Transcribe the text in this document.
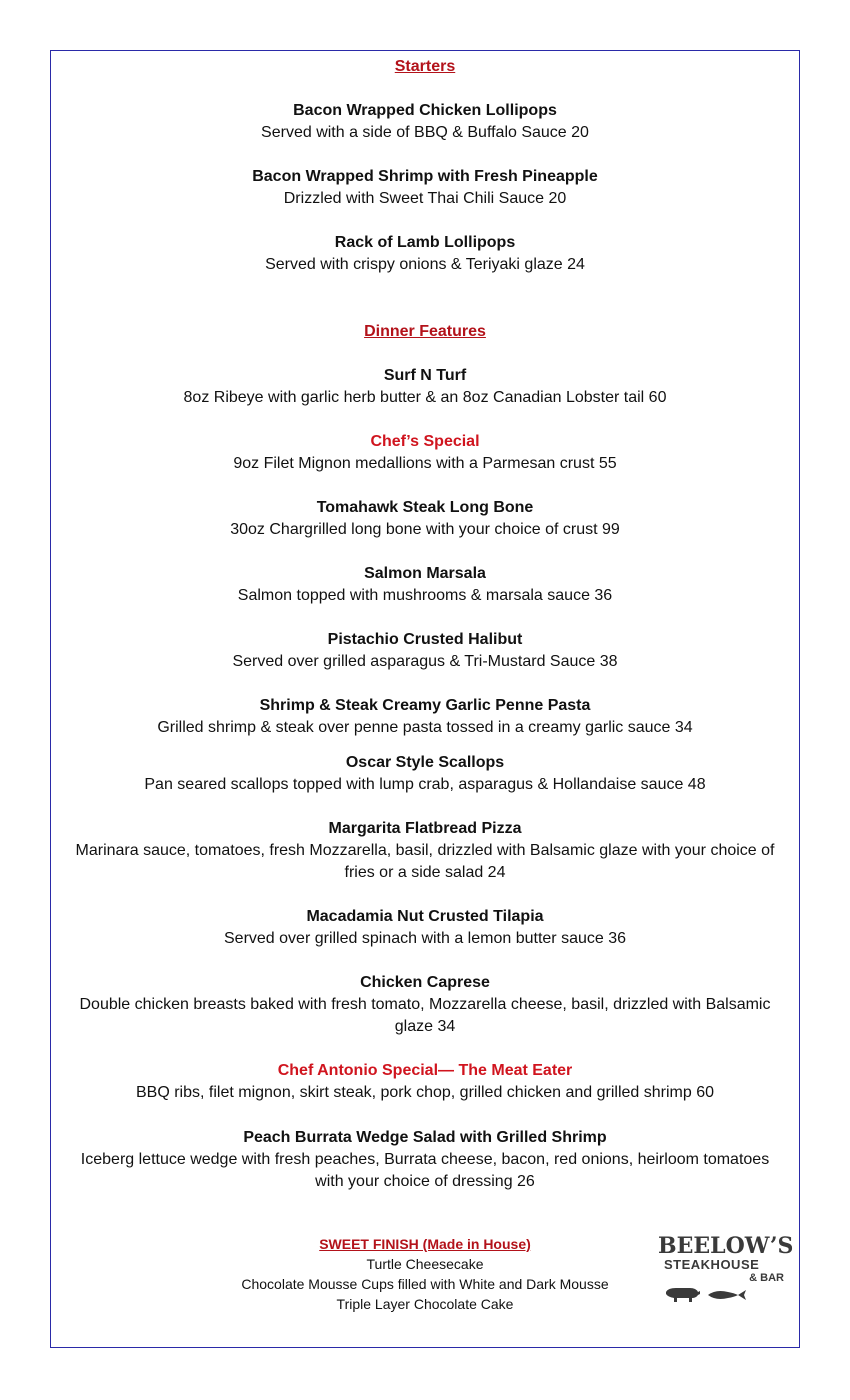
Starters
Bacon Wrapped Chicken Lollipops
Served with a side of BBQ & Buffalo Sauce 20
Bacon Wrapped Shrimp with Fresh Pineapple
Drizzled with Sweet Thai Chili Sauce 20
Rack of Lamb Lollipops
Served with crispy onions & Teriyaki glaze 24
Dinner Features
Surf N Turf
8oz Ribeye with garlic herb butter & an 8oz Canadian Lobster tail 60
Chef’s Special
9oz Filet Mignon medallions with a Parmesan crust 55
Tomahawk Steak Long Bone
30oz Chargrilled long bone with your choice of crust 99
Salmon Marsala
Salmon topped with mushrooms & marsala sauce 36
Pistachio Crusted Halibut
Served over grilled asparagus & Tri-Mustard Sauce 38
Shrimp & Steak Creamy Garlic Penne Pasta
Grilled shrimp & steak over penne pasta tossed in a creamy garlic sauce 34
Oscar Style Scallops
Pan seared scallops topped with lump crab, asparagus & Hollandaise sauce 48
Margarita Flatbread Pizza
Marinara sauce, tomatoes, fresh Mozzarella, basil, drizzled with Balsamic glaze with your choice of
fries or a side salad 24
Macadamia Nut Crusted Tilapia
Served over grilled spinach with a lemon butter sauce 36
Chicken Caprese
Double chicken breasts baked with fresh tomato, Mozzarella cheese, basil, drizzled with Balsamic
glaze 34
Chef Antonio Special— The Meat Eater
BBQ ribs, filet mignon, skirt steak, pork chop, grilled chicken and grilled shrimp 60
Peach Burrata Wedge Salad with Grilled Shrimp
Iceberg lettuce wedge with fresh peaches, Burrata cheese, bacon, red onions, heirloom tomatoes
with your choice of dressing 26
SWEET FINISH (Made in House)
Turtle Cheesecake
Chocolate Mousse Cups filled with White and Dark Mousse
Triple Layer Chocolate Cake
BEELOW’S
STEAKHOUSE
& BAR
